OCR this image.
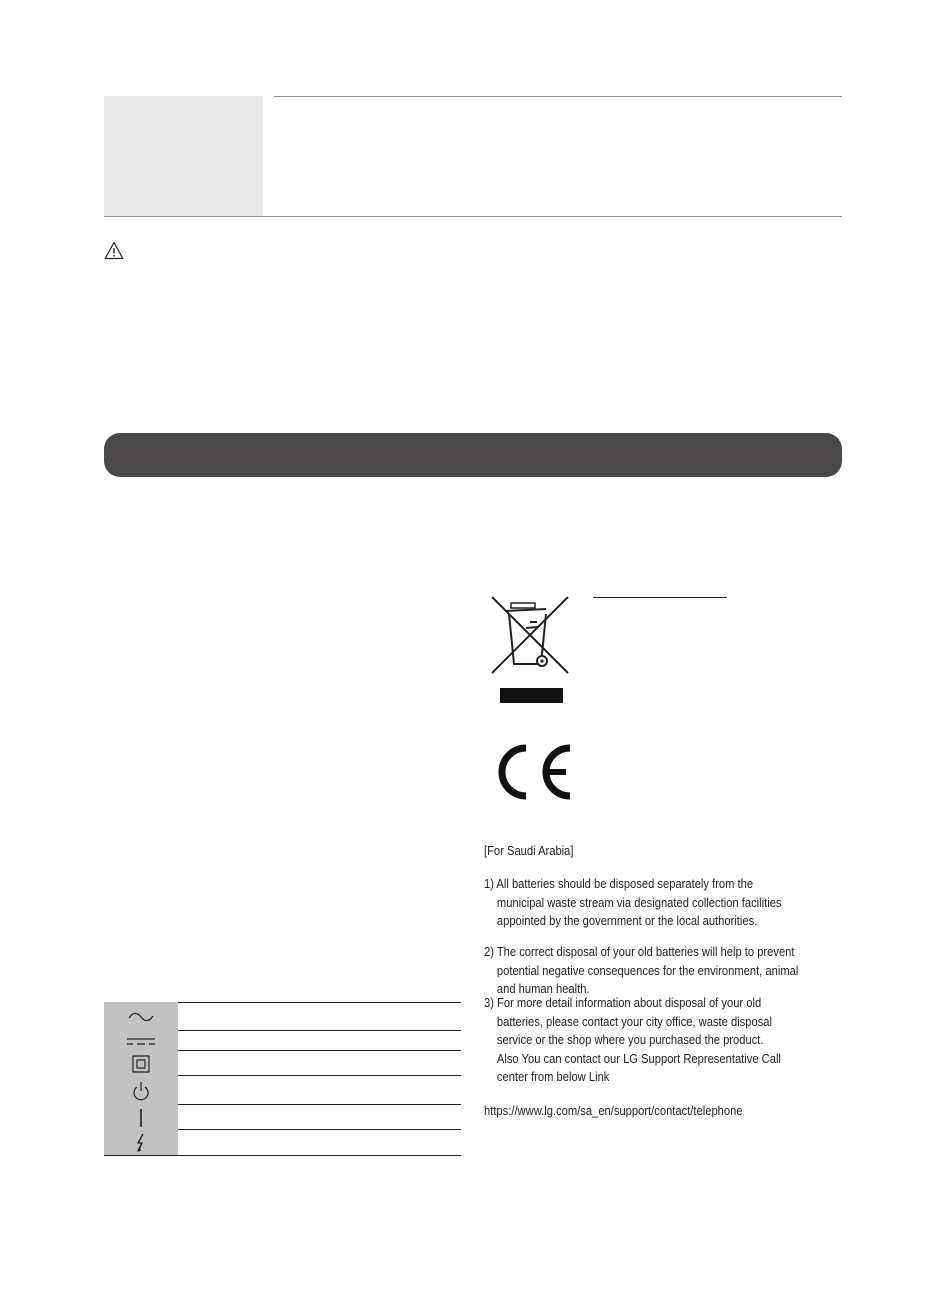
[For Saudi Arabia]

1) All batteries should be disposed separately from the municipal waste stream via designated collection facilities appointed by the government or the local authorities.

2) The correct disposal of your old batteries will help to prevent potential negative consequences for the environment, animal and human health.

3) For more detail information about disposal of your old batteries, please contact your city office, waste disposal service or the shop where you purchased the product.

Also You can contact our LG Support Representative Call center from below Link

https://www.lg.com/sa_en/support/contact/telephone
